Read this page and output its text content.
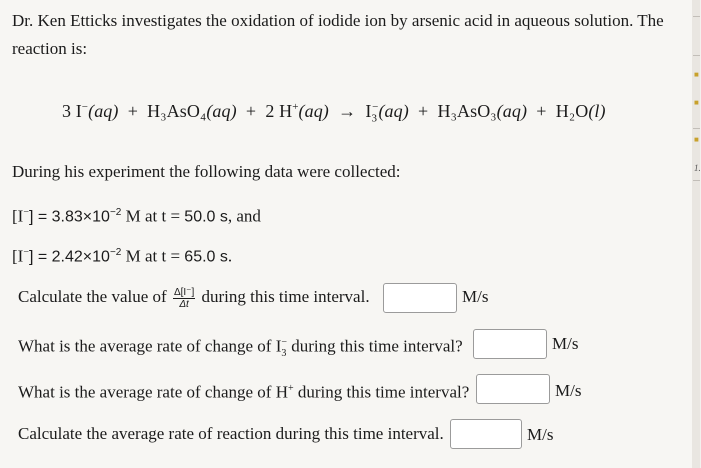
■
■
■
1.
Dr. Ken Etticks investigates the oxidation of iodide ion by arsenic acid in aqueous solution. The
reaction is:
3 I−(aq) + H₃AsO₄(aq) + 2 $H^+(aq) \to I_3^-(aq) + H_3AsO_3(aq) + H_2O(l)$
During his experiment the following data were collected:
$[I^-] = 3.83\times 10^{-2}$ M at t = 50.0 s, and
$[I^-] = 2.42\times 10^{-2}$ M at t = 65.0 s.
Calculate the value of $\frac{\Delta[I^-]}{\Delta t}$ during this time interval.	M/s
What is the average rate of change of $I_3^-$ during this time interval?	M/s
What is the average rate of change of H+ during this time interval?	M/s
Calculate the average rate of reaction during this time interval.	M/s
